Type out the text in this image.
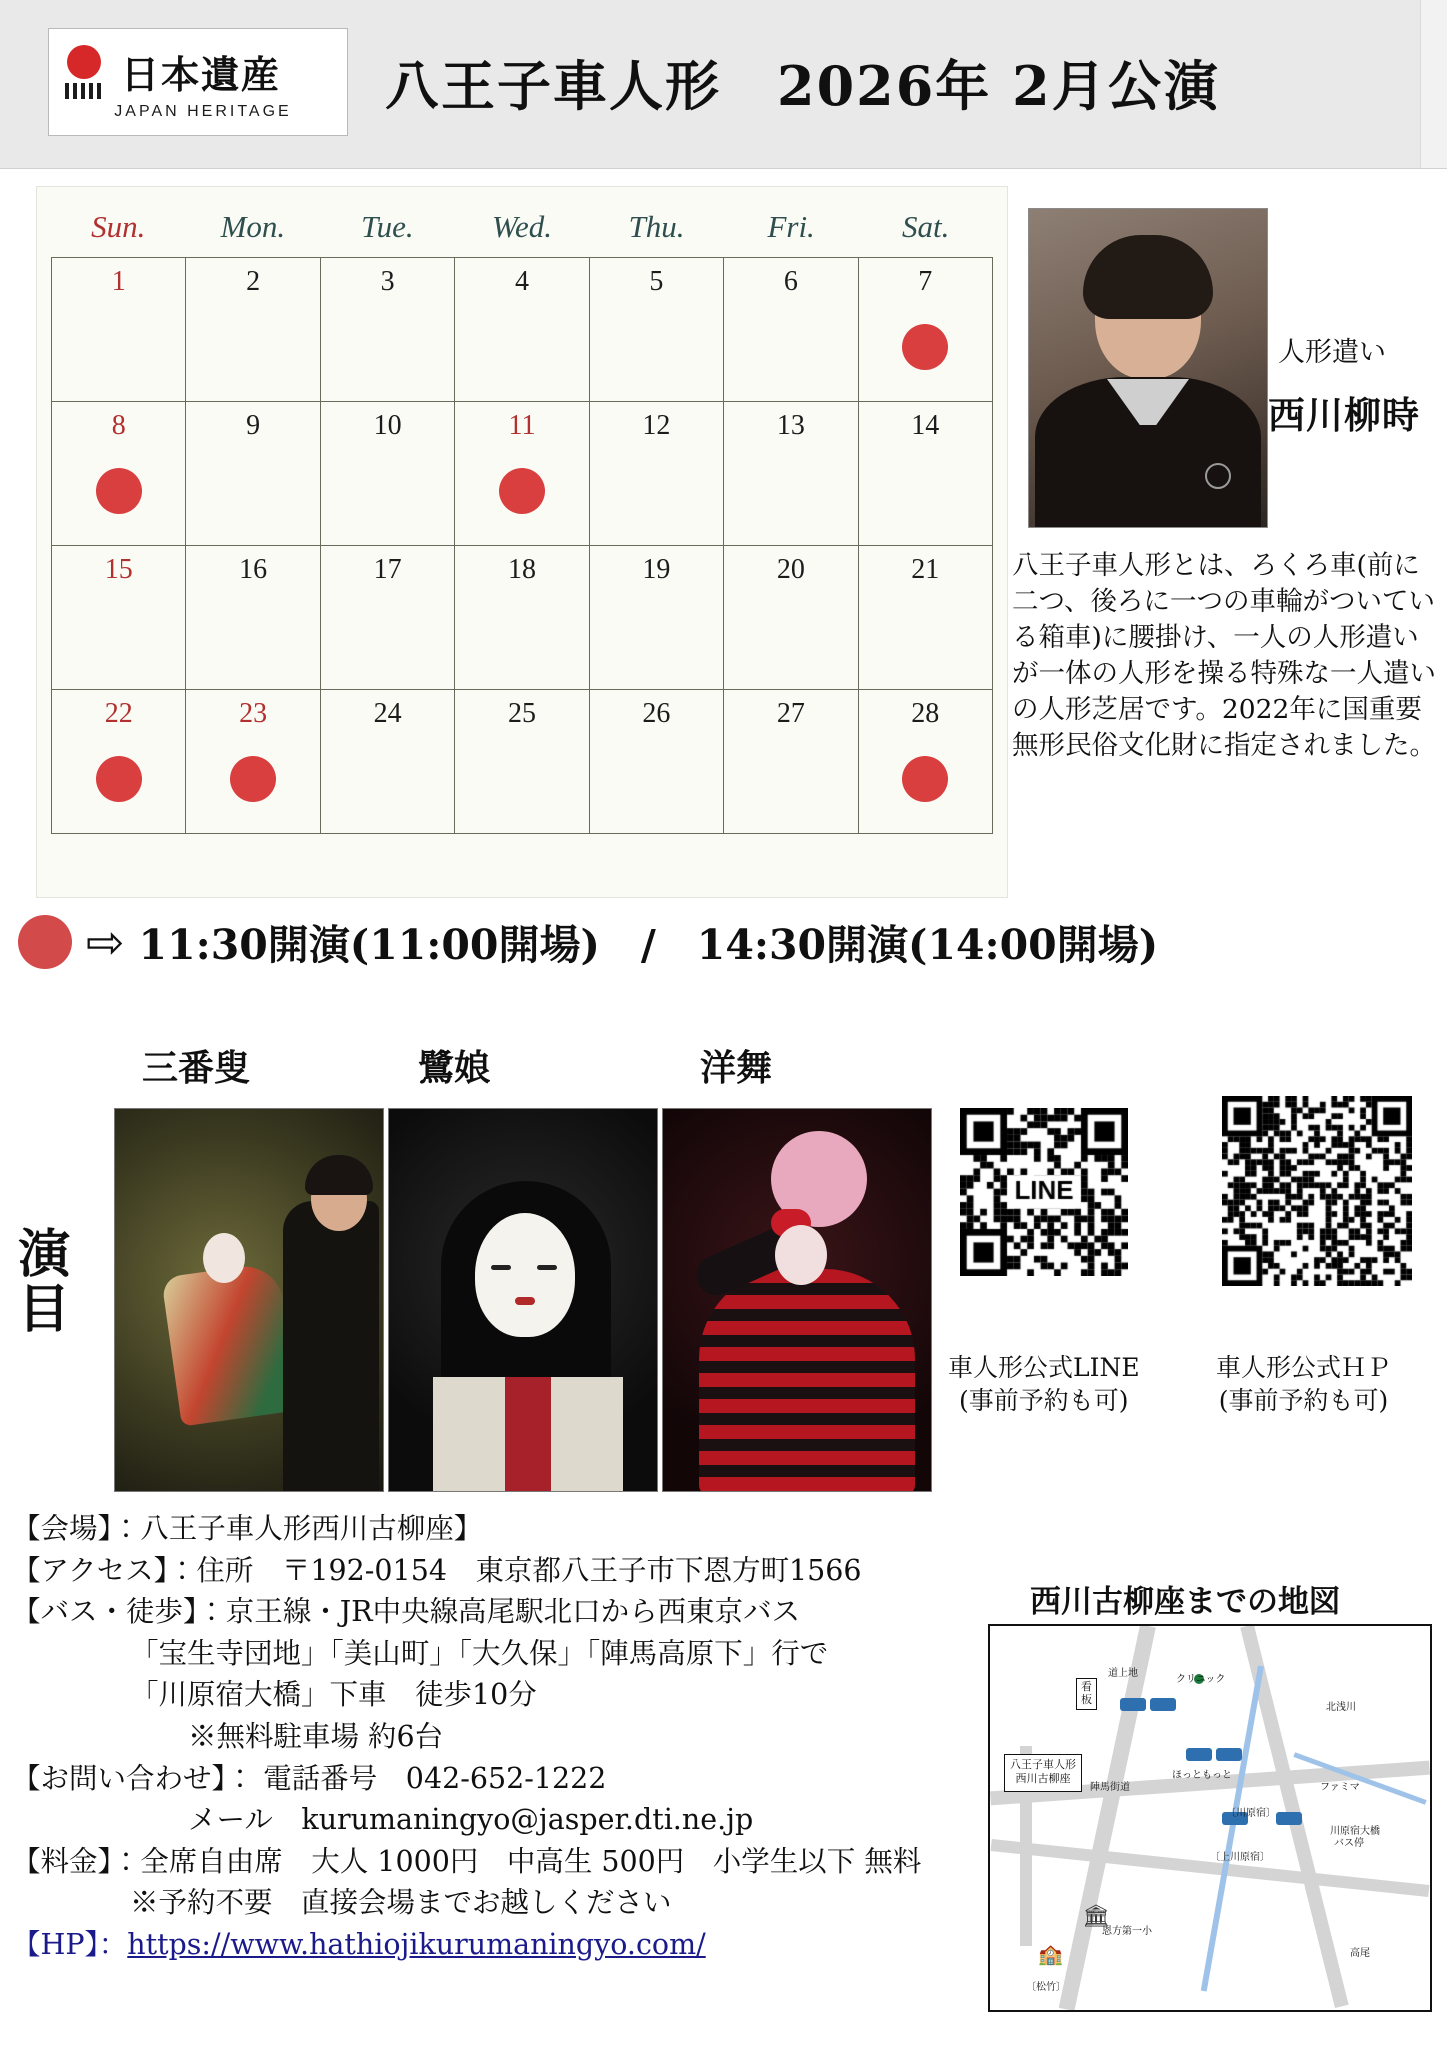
日本遺産
JAPAN HERITAGE	八王子車人形　2026年 2月公演
Sun.	Mon.	Tue.	Wed.	Thu.	Fri.	Sat.
1	2	3	4	5	6	7
8	9	10	11	12	13	14
15	16	17	18	19	20	21
22	23	24	25	26	27	28
人形遣い
西川柳時
八王子車人形とは、ろくろ車(前に二つ、後ろに一つの車輪がついている箱車)に腰掛け、一人の人形遣いが一体の人形を操る特殊な一人遣いの人形芝居です。2022年に国重要無形民俗文化財に指定されました。
⇨ 11:30開演(11:00開場)　/　14:30開演(14:00開場)
演目
三番叟	鷺娘	洋舞
車人形公式LINE
(事前予約も可)
車人形公式ＨＰ
(事前予約も可)
【会場】：八王子車人形西川古柳座】
【アクセス】：住所　〒192-0154　東京都八王子市下恩方町1566
【バス・徒歩】：京王線・JR中央線高尾駅北口から西東京バス
「宝生寺団地」「美山町」「大久保」「陣馬高原下」行で
「川原宿大橋」下車　徒歩10分
※無料駐車場 約6台
【お問い合わせ】： 電話番号　042-652-1222
メール　kurumaningyo@jasper.dti.ne.jp
【料金】：全席自由席　大人 1000円　中高生 500円　小学生以下 無料
※予約不要　直接会場までお越しください
【HP】：https://www.hathiojikurumaningyo.com/
西川古柳座までの地図
看
板
八王子車人形
西川古柳座
🏛
🏫
道上地
クリニック
北浅川
ほっともっと
ファミマ
川原宿大橋
バス停
〔川原宿〕
〔上川原宿〕
恩方第一小
陣馬街道
高尾
〔松竹〕
